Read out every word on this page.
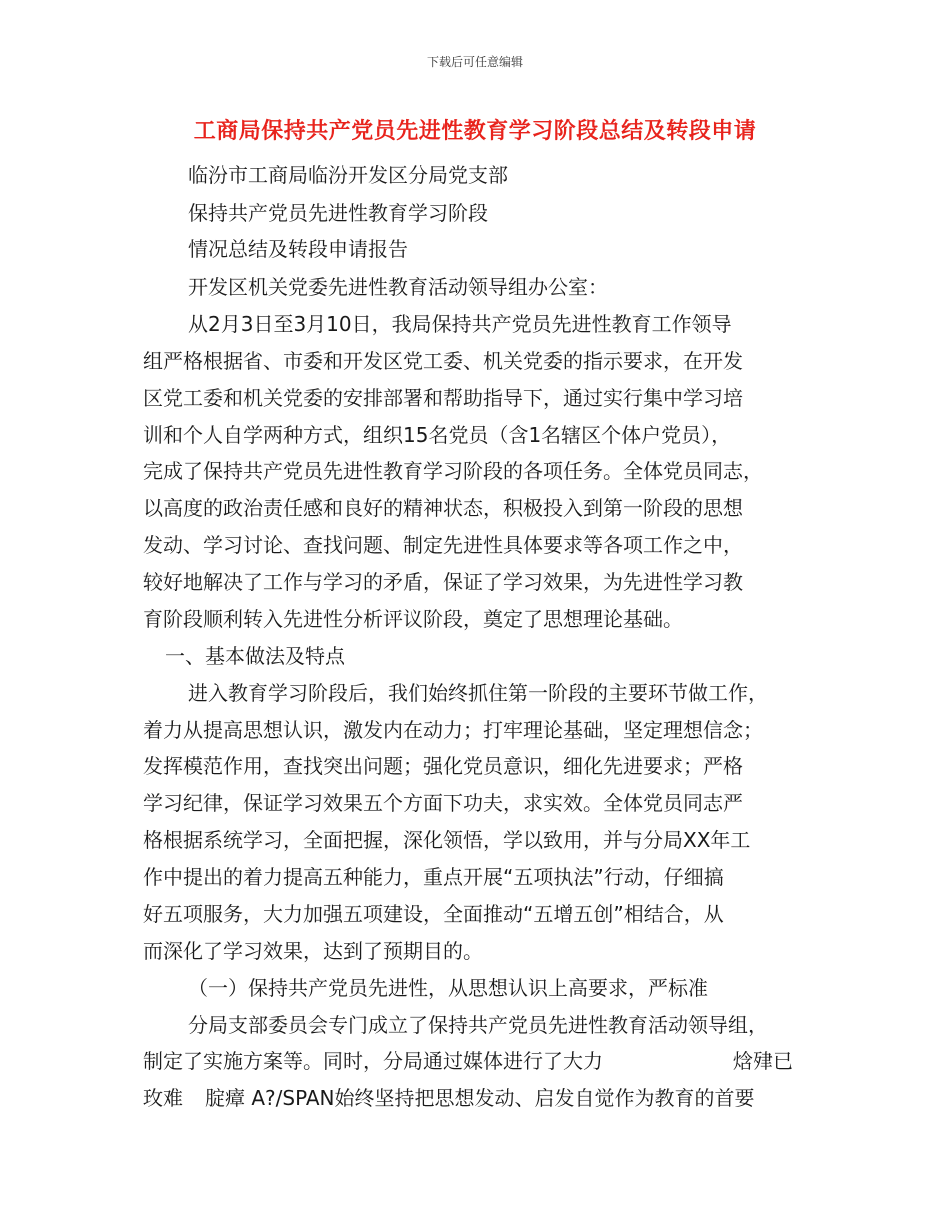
下载后可任意编辑
工商局保持共产党员先进性教育学习阶段总结及转段申请
临汾市工商局临汾开发区分局党支部
保持共产党员先进性教育学习阶段
情况总结及转段申请报告
开发区机关党委先进性教育活动领导组办公室：
从2月3日至3月10日，我局保持共产党员先进性教育工作领导
组严格根据省、市委和开发区党工委、机关党委的指示要求，在开发
区党工委和机关党委的安排部署和帮助指导下，通过实行集中学习培
训和个人自学两种方式，组织15名党员（含1名辖区个体户党员），
完成了保持共产党员先进性教育学习阶段的各项任务。全体党员同志，
以高度的政治责任感和良好的精神状态，积极投入到第一阶段的思想
发动、学习讨论、查找问题、制定先进性具体要求等各项工作之中，
较好地解决了工作与学习的矛盾，保证了学习效果，为先进性学习教
育阶段顺利转入先进性分析评议阶段，奠定了思想理论基础。
一、基本做法及特点
进入教育学习阶段后，我们始终抓住第一阶段的主要环节做工作，
着力从提高思想认识，激发内在动力；打牢理论基础，坚定理想信念；
发挥模范作用，查找突出问题；强化党员意识，细化先进要求；严格
学习纪律，保证学习效果五个方面下功夫，求实效。全体党员同志严
格根据系统学习，全面把握，深化领悟，学以致用，并与分局XX年工
作中提出的着力提高五种能力，重点开展“五项执法”行动，仔细搞
好五项服务，大力加强五项建设，全面推动“五增五创”相结合，从
而深化了学习效果，达到了预期目的。
（一）保持共产党员先进性，从思想认识上高要求，严标准
分局支部委员会专门成立了保持共产党员先进性教育活动领导组，
制定了实施方案等。同时，分局通过媒体进行了大力	焓肂已
玫难 腚瘴 A?/SPAN始终坚持把思想发动、启发自觉作为教育的首要
